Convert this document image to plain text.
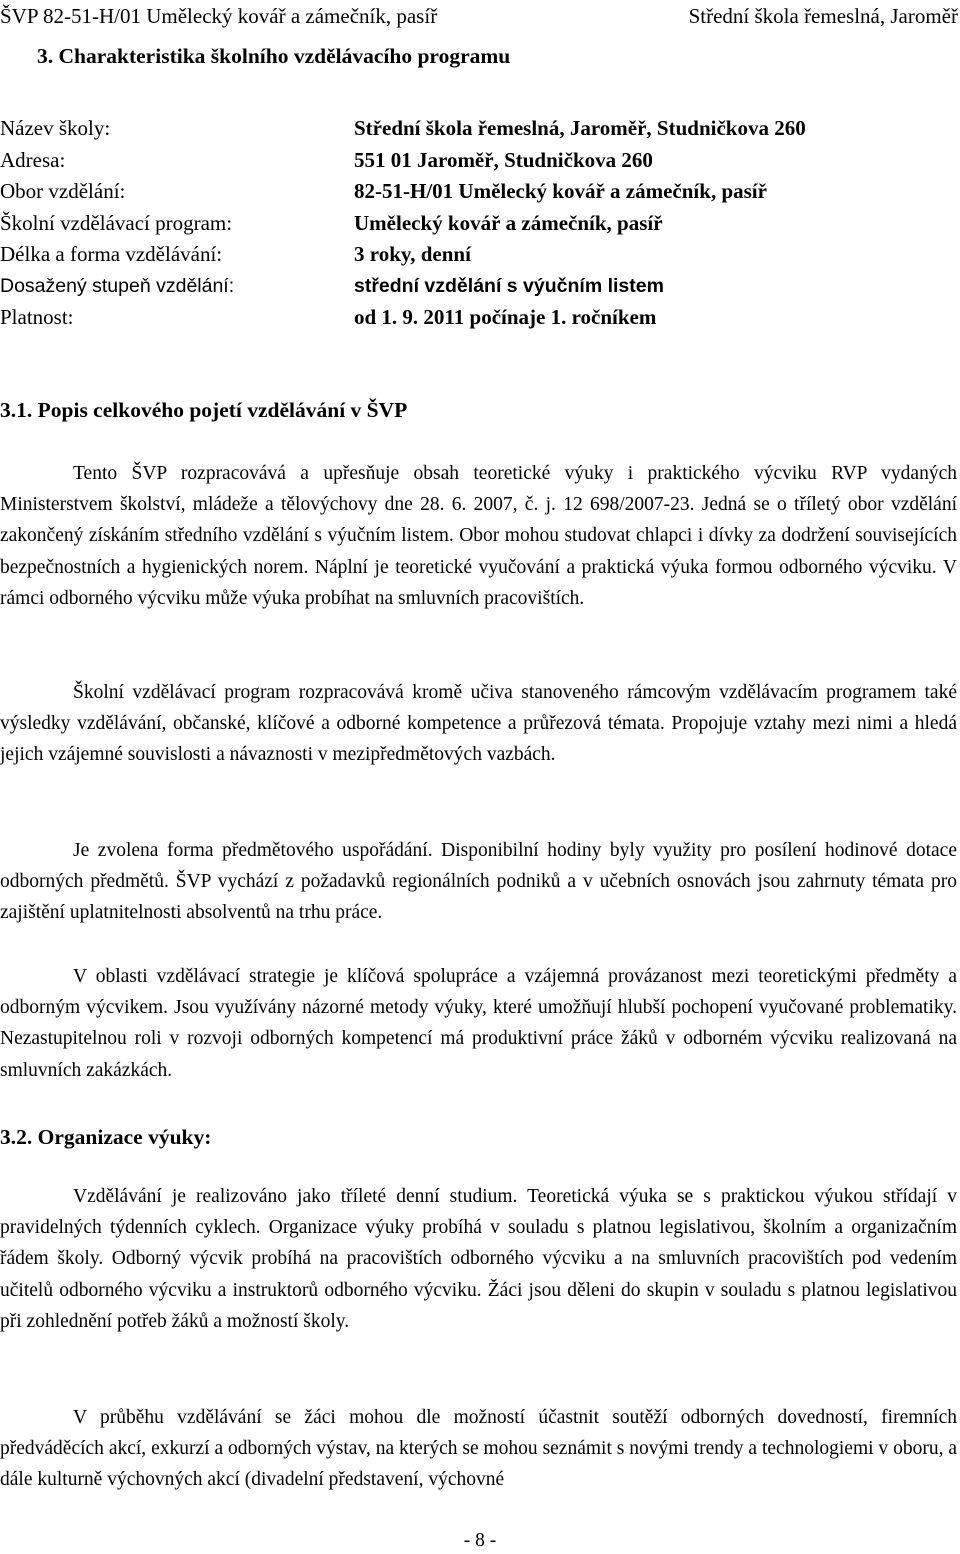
ŠVP 82-51-H/01 Umělecký kovář a zámečník, pasíř	Střední škola řemeslná, Jaroměř
3. Charakteristika školního vzdělávacího programu
Název školy:	Střední škola řemeslná, Jaroměř, Studničkova 260
Adresa:	551 01 Jaroměř, Studničkova 260
Obor vzdělání:	82-51-H/01 Umělecký kovář a zámečník, pasíř
Školní vzdělávací program:	Umělecký kovář a zámečník, pasíř
Délka a forma vzdělávání:	3 roky, denní
Dosažený stupeň vzdělání:	střední vzdělání s výučním listem
Platnost:	od 1. 9. 2011 počínaje 1. ročníkem
3.1. Popis celkového pojetí vzdělávání v ŠVP

Tento ŠVP rozpracovává a upřesňuje obsah teoretické výuky i praktického výcviku RVP vydaných Ministerstvem školství, mládeže a tělovýchovy dne 28. 6. 2007, č. j. 12 698/2007-23. Jedná se o tříletý obor vzdělání zakončený získáním středního vzdělání s výučním listem. Obor mohou studovat chlapci i dívky za dodržení souvisejících bezpečnostních a hygienických norem. Náplní je teoretické vyučování a praktická výuka formou odborného výcviku. V rámci odborného výcviku může výuka probíhat na smluvních pracovištích.

Školní vzdělávací program rozpracovává kromě učiva stanoveného rámcovým vzdělávacím programem také výsledky vzdělávání, občanské, klíčové a odborné kompetence a průřezová témata. Propojuje vztahy mezi nimi a hledá jejich vzájemné souvislosti a návaznosti v mezipředmětových vazbách.

Je zvolena forma předmětového uspořádání. Disponibilní hodiny byly využity pro posílení hodinové dotace odborných předmětů. ŠVP vychází z požadavků regionálních podniků a v učebních osnovách jsou zahrnuty témata pro zajištění uplatnitelnosti absolventů na trhu práce.

V oblasti vzdělávací strategie je klíčová spolupráce a vzájemná provázanost mezi teoretickými předměty a odborným výcvikem. Jsou využívány názorné metody výuky, které umožňují hlubší pochopení vyučované problematiky. Nezastupitelnou roli v rozvoji odborných kompetencí má produktivní práce žáků v odborném výcviku realizovaná na smluvních zakázkách.

3.2. Organizace výuky:

Vzdělávání je realizováno jako tříleté denní studium. Teoretická výuka se s praktickou výukou střídají v pravidelných týdenních cyklech. Organizace výuky probíhá v souladu s platnou legislativou, školním a organizačním řádem školy. Odborný výcvik probíhá na pracovištích odborného výcviku a na smluvních pracovištích pod vedením učitelů odborného výcviku a instruktorů odborného výcviku. Žáci jsou děleni do skupin v souladu s platnou legislativou při zohlednění potřeb žáků a možností školy.

V průběhu vzdělávání se žáci mohou dle možností účastnit soutěží odborných dovedností, firemních předváděcích akcí, exkurzí a odborných výstav, na kterých se mohou seznámit s novými trendy a technologiemi v oboru, a dále kulturně výchovných akcí (divadelní představení, výchovné

- 8 -
